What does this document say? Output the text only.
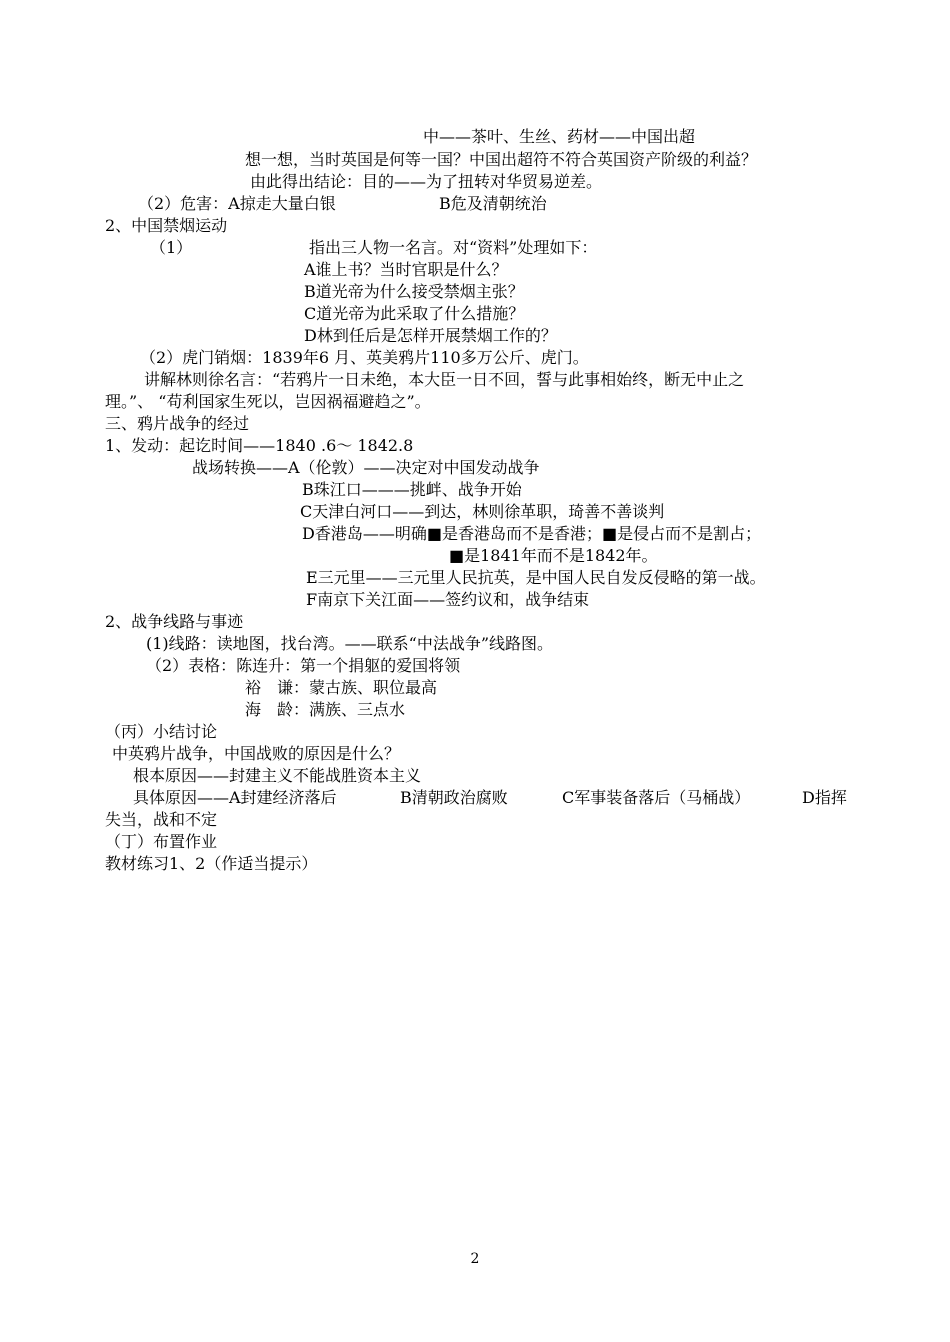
中——茶叶、生丝、药材——中国出超
想一想，当时英国是何等一国？中国出超符不符合英国资产阶级的利益？
由此得出结论：目的——为了扭转对华贸易逆差。
（2）危害：A掠走大量白银	B危及清朝统治
2、中国禁烟运动
（1）	指出三人物一名言。对“资料”处理如下：
A谁上书？当时官职是什么？
B道光帝为什么接受禁烟主张？
C道光帝为此采取了什么措施？
D林到任后是怎样开展禁烟工作的？
（2）虎门销烟：1839年6 月、英美鸦片110多万公斤、虎门。
讲解林则徐名言：“若鸦片一日未绝，本大臣一日不回，誓与此事相始终，断无中止之
理。”、 “苟利国家生死以，岂因祸福避趋之”。
三、鸦片战争的经过
1、发动：起讫时间——1840 .6～ 1842.8
战场转换——A（伦敦）——决定对中国发动战争
B珠江口———挑衅、战争开始
C天津白河口——到达，林则徐革职，琦善不善谈判
D香港岛——明确■是香港岛而不是香港；■是侵占而不是割占；
■是1841年而不是1842年。
E三元里——三元里人民抗英，是中国人民自发反侵略的第一战。
F南京下关江面——签约议和，战争结束
2、战争线路与事迹
(1)线路：读地图，找台湾。——联系“中法战争”线路图。
（2）表格：陈连升：第一个捐躯的爱国将领
裕　谦：蒙古族、职位最高
海　龄：满族、三点水
（丙）小结讨论
中英鸦片战争，中国战败的原因是什么？
根本原因——封建主义不能战胜资本主义
具体原因——A封建经济落后	B清朝政治腐败	C军事装备落后（马桶战）	D指挥
失当，战和不定
（丁）布置作业
教材练习1、2（作适当提示）
2
